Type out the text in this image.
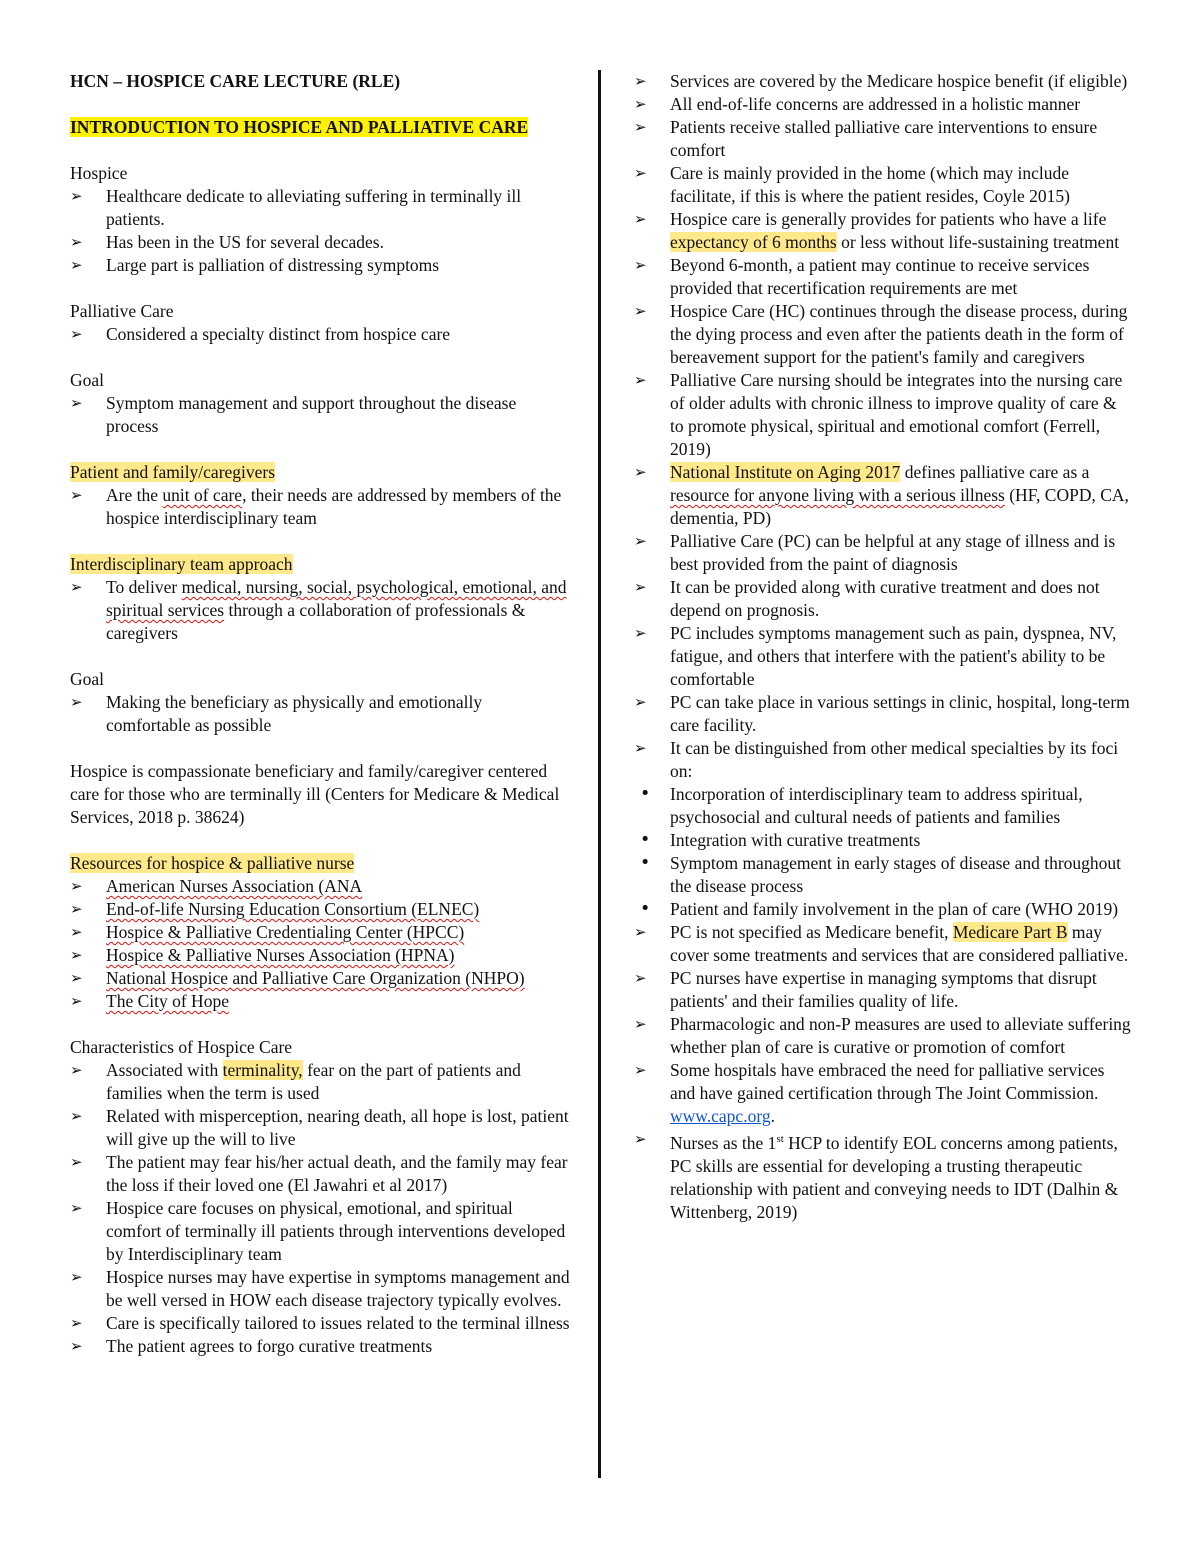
HCN – HOSPICE CARE LECTURE (RLE)

INTRODUCTION TO HOSPICE AND PALLIATIVE CARE

Hospice

➢ Healthcare dedicate to alleviating suffering in terminally ill patients.
➢ Has been in the US for several decades.
➢ Large part is palliation of distressing symptoms

Palliative Care

➢ Considered a specialty distinct from hospice care

Goal

➢ Symptom management and support throughout the disease process

Patient and family/caregivers

➢ Are the unit of care, their needs are addressed by members of the hospice interdisciplinary team

Interdisciplinary team approach

➢ To deliver medical, nursing, social, psychological, emotional, and spiritual services through a collaboration of professionals & caregivers

Goal

➢ Making the beneficiary as physically and emotionally comfortable as possible

Hospice is compassionate beneficiary and family/caregiver centered care for those who are terminally ill (Centers for Medicare & Medical Services, 2018 p. 38624)

Resources for hospice & palliative nurse

➢ American Nurses Association (ANA
➢ End-of-life Nursing Education Consortium (ELNEC)
➢ Hospice & Palliative Credentialing Center (HPCC)
➢ Hospice & Palliative Nurses Association (HPNA)
➢ National Hospice and Palliative Care Organization (NHPO)
➢ The City of Hope

Characteristics of Hospice Care

➢ Associated with terminality, fear on the part of patients and families when the term is used
➢ Related with misperception, nearing death, all hope is lost, patient will give up the will to live
➢ The patient may fear his/her actual death, and the family may fear the loss if their loved one (El Jawahri et al 2017)
➢ Hospice care focuses on physical, emotional, and spiritual comfort of terminally ill patients through interventions developed by Interdisciplinary team
➢ Hospice nurses may have expertise in symptoms management and be well versed in HOW each disease trajectory typically evolves.
➢ Care is specifically tailored to issues related to the terminal illness
➢ The patient agrees to forgo curative treatments
➢ Services are covered by the Medicare hospice benefit (if eligible)
➢ All end-of-life concerns are addressed in a holistic manner
➢ Patients receive stalled palliative care interventions to ensure comfort
➢ Care is mainly provided in the home (which may include facilitate, if this is where the patient resides, Coyle 2015)
➢ Hospice care is generally provides for patients who have a life expectancy of 6 months or less without life-sustaining treatment
➢ Beyond 6-month, a patient may continue to receive services provided that recertification requirements are met
➢ Hospice Care (HC) continues through the disease process, during the dying process and even after the patients death in the form of bereavement support for the patient's family and caregivers
➢ Palliative Care nursing should be integrates into the nursing care of older adults with chronic illness to improve quality of care & to promote physical, spiritual and emotional comfort (Ferrell, 2019)
➢ National Institute on Aging 2017 defines palliative care as a resource for anyone living with a serious illness (HF, COPD, CA, dementia, PD)
➢ Palliative Care (PC) can be helpful at any stage of illness and is best provided from the paint of diagnosis
➢ It can be provided along with curative treatment and does not depend on prognosis.
➢ PC includes symptoms management such as pain, dyspnea, NV, fatigue, and others that interfere with the patient's ability to be comfortable
➢ PC can take place in various settings in clinic, hospital, long-term care facility.
➢ It can be distinguished from other medical specialties by its foci on:
• Incorporation of interdisciplinary team to address spiritual, psychosocial and cultural needs of patients and families
• Integration with curative treatments
• Symptom management in early stages of disease and throughout the disease process
• Patient and family involvement in the plan of care (WHO 2019)
➢ PC is not specified as Medicare benefit, Medicare Part B may cover some treatments and services that are considered palliative.
➢ PC nurses have expertise in managing symptoms that disrupt patients' and their families quality of life.
➢ Pharmacologic and non-P measures are used to alleviate suffering whether plan of care is curative or promotion of comfort
➢ Some hospitals have embraced the need for palliative services and have gained certification through The Joint Commission. www.capc.org.
➢ Nurses as the 1st HCP to identify EOL concerns among patients, PC skills are essential for developing a trusting therapeutic relationship with patient and conveying needs to IDT (Dalhin & Wittenberg, 2019)
